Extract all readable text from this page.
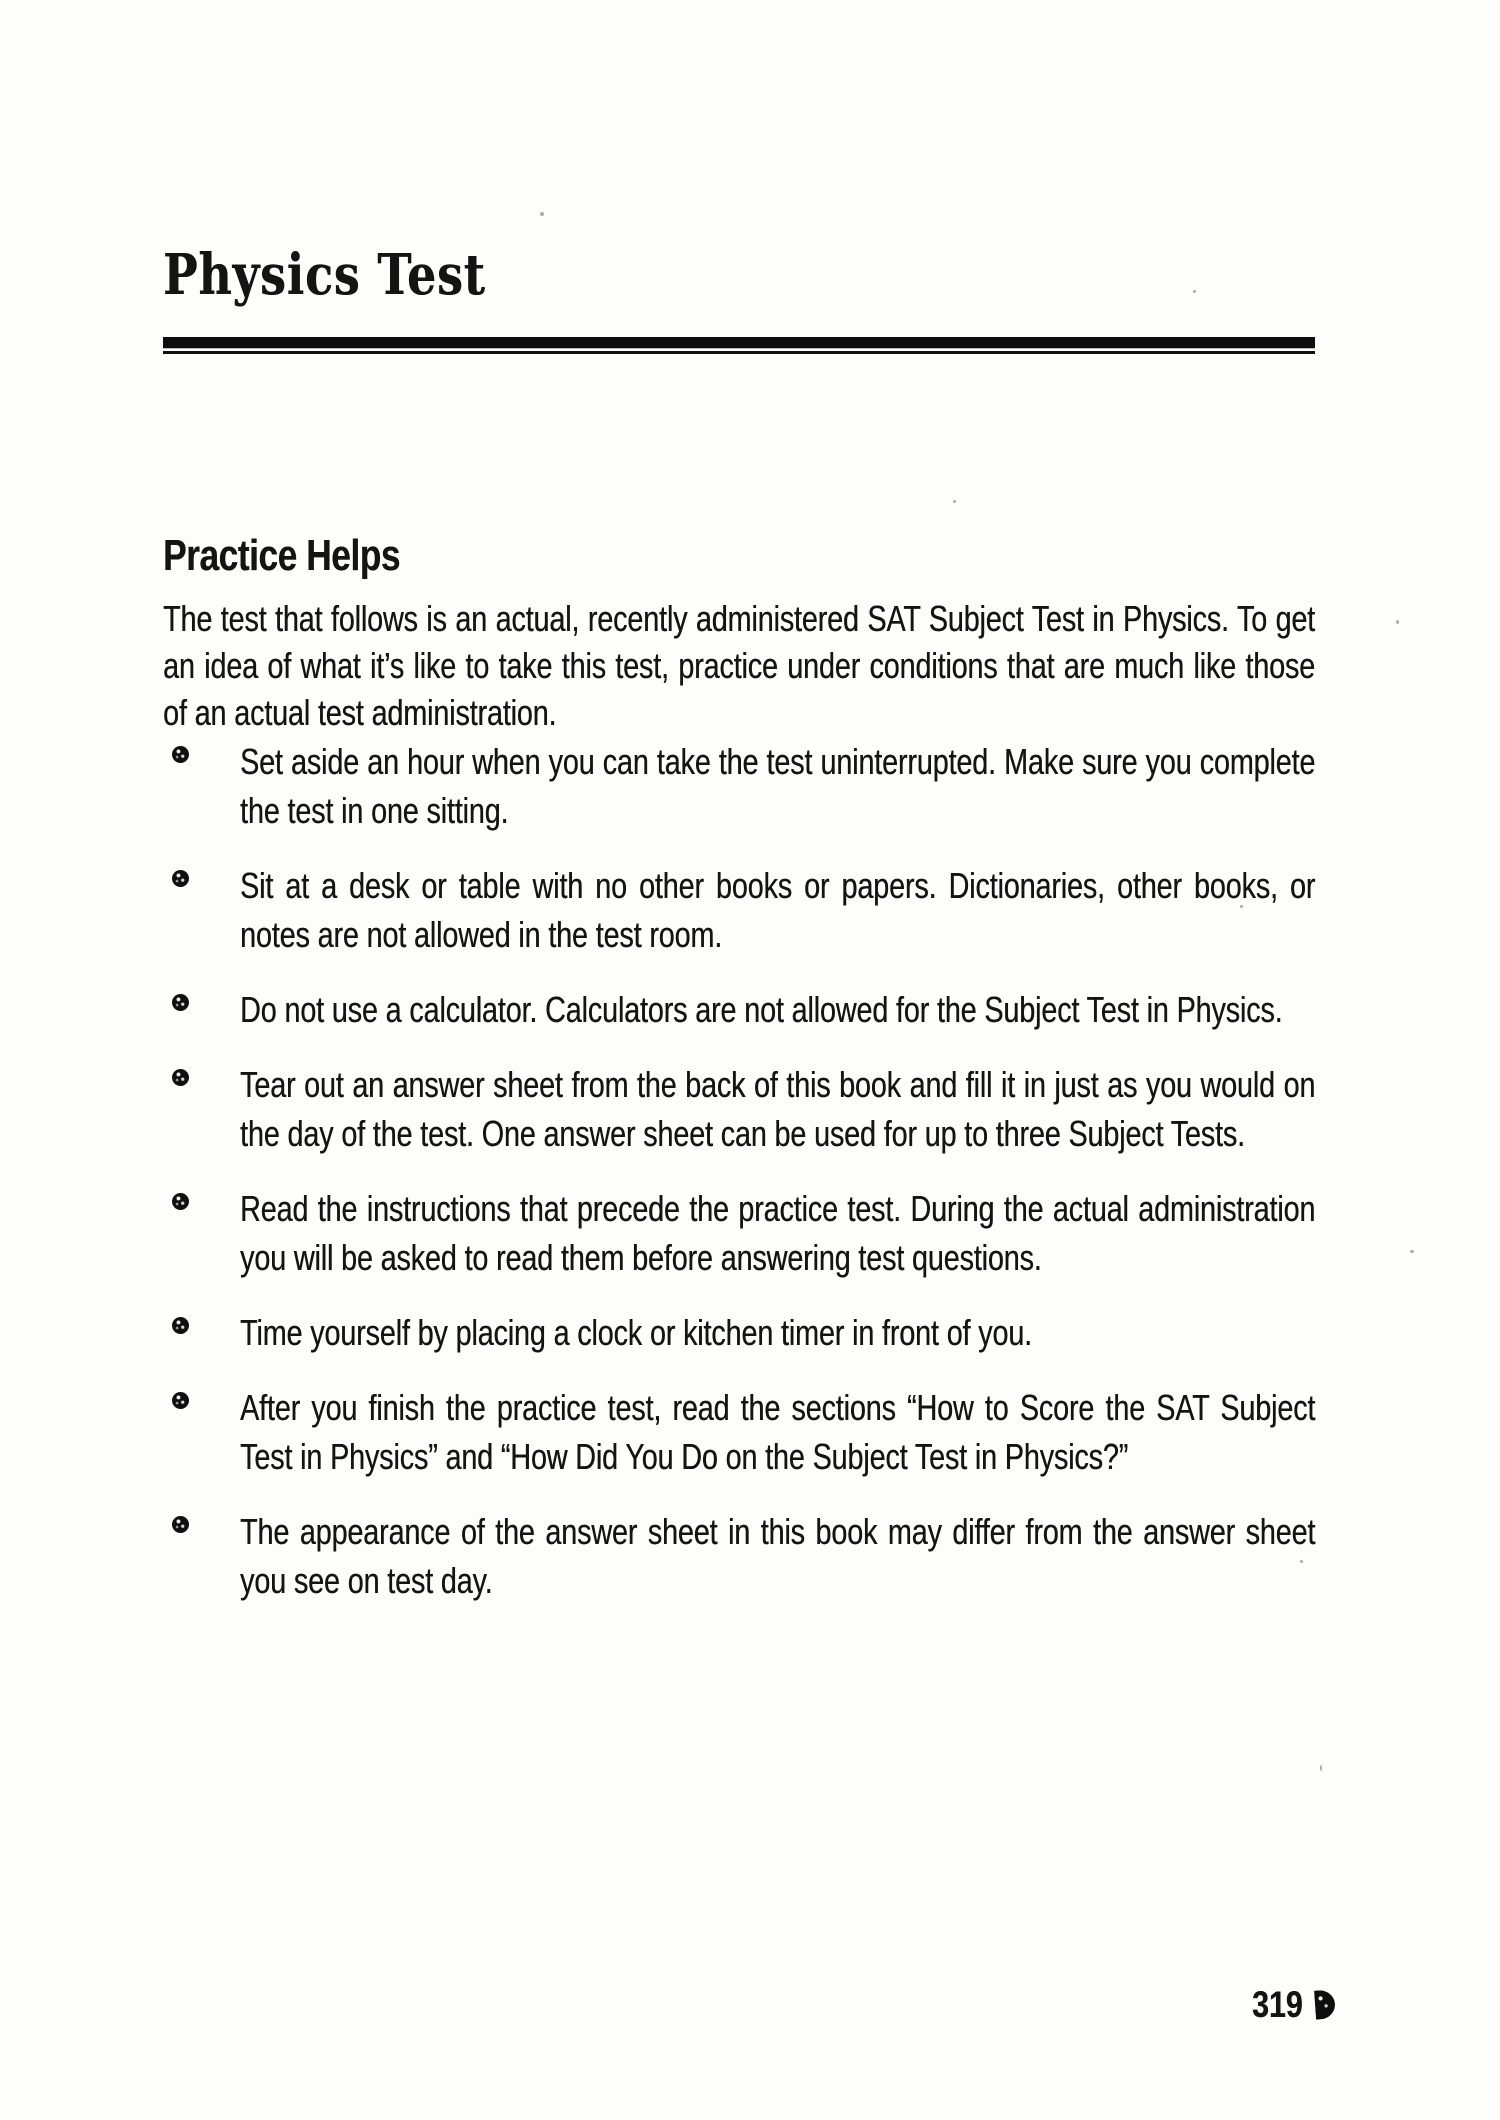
Physics Test
Practice Helps

The test that follows is an actual, recently administered SAT Subject Test in Physics. To get an idea of what it’s like to take this test, practice under conditions that are much like those of an actual test administration.

Set aside an hour when you can take the test uninterrupted. Make sure you complete the test in one sitting.
Sit at a desk or table with no other books or papers. Dictionaries, other books, or notes are not allowed in the test room.
Do not use a calculator. Calculators are not allowed for the Subject Test in Physics.
Tear out an answer sheet from the back of this book and fill it in just as you would on the day of the test. One answer sheet can be used for up to three Subject Tests.
Read the instructions that precede the practice test. During the actual administration you will be asked to read them before answering test questions.
Time yourself by placing a clock or kitchen timer in front of you.
After you finish the practice test, read the sections “How to Score the SAT Subject Test in Physics” and “How Did You Do on the Subject Test in Physics?”
The appearance of the answer sheet in this book may differ from the answer sheet you see on test day.
319
